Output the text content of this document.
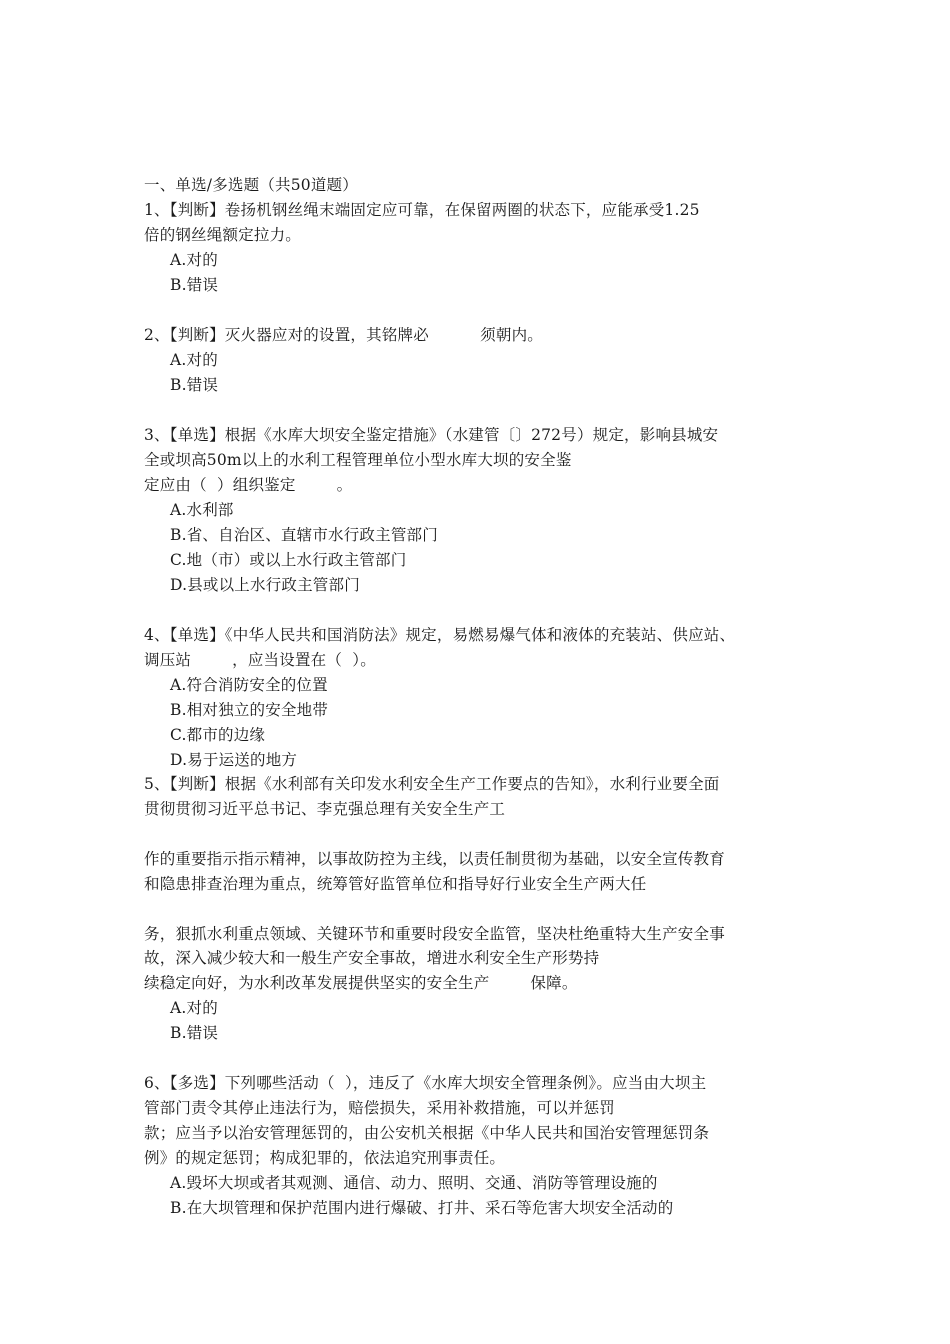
一、单选/多选题（共50道题）
1、【判断】卷扬机钢丝绳末端固定应可靠，在保留两圈的状态下，应能承受1.25
倍的钢丝绳额定拉力。
A.对的
B.错误
2、【判断】灭火器应对的设置，其铭牌必          须朝内。
A.对的
B.错误
3、【单选】根据《水库大坝安全鉴定措施》（水建管〔〕272号）规定，影响县城安
全或坝高50m以上的水利工程管理单位小型水库大坝的安全鉴
定应由（  ）组织鉴定        。
A.水利部
B.省、自治区、直辖市水行政主管部门
C.地（市）或以上水行政主管部门
D.县或以上水行政主管部门
4、【单选】《中华人民共和国消防法》规定，易燃易爆气体和液体的充装站、供应站、
调压站        ，应当设置在（  ）。
A.符合消防安全的位置
B.相对独立的安全地带
C.都市的边缘
D.易于运送的地方
5、【判断】根据《水利部有关印发水利安全生产工作要点的告知》，水利行业要全面
贯彻贯彻习近平总书记、李克强总理有关安全生产工
作的重要指示指示精神，以事故防控为主线，以责任制贯彻为基础，以安全宣传教育
和隐患排查治理为重点，统筹管好监管单位和指导好行业安全生产两大任
务，狠抓水利重点领域、关键环节和重要时段安全监管，坚决杜绝重特大生产安全事
故，深入减少较大和一般生产安全事故，增进水利安全生产形势持
续稳定向好，为水利改革发展提供坚实的安全生产        保障。
A.对的
B.错误
6、【多选】下列哪些活动（  ），违反了《水库大坝安全管理条例》。应当由大坝主
管部门责令其停止违法行为，赔偿损失，采用补救措施，可以并惩罚
款；应当予以治安管理惩罚的，由公安机关根据《中华人民共和国治安管理惩罚条
例》的规定惩罚；构成犯罪的，依法追究刑事责任。
A.毁坏大坝或者其观测、通信、动力、照明、交通、消防等管理设施的
B.在大坝管理和保护范围内进行爆破、打井、采石等危害大坝安全活动的
